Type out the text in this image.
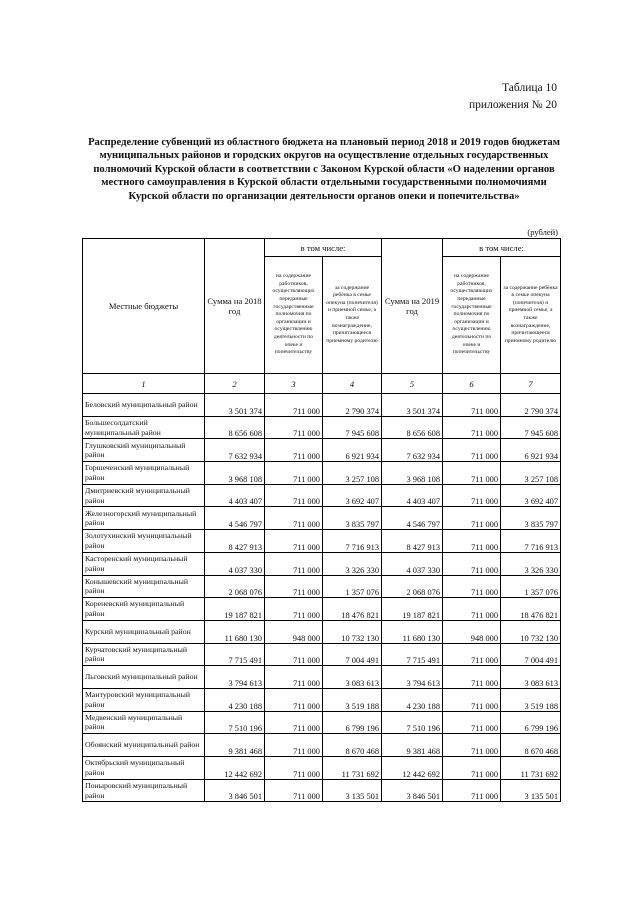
Таблица 10
приложения № 20
Распределение субвенций из областного бюджета на плановый период 2018 и 2019 годов бюджетам муниципальных районов и городских округов на осуществление отдельных государственных полномочий Курской области в соответствии с Законом Курской области «О наделении органов местного самоуправления в Курской области отдельными государственными полномочиями Курской области по организации деятельности органов опеки и попечительства»
(рублей)
Местные бюджеты	Сумма на 2018 год	в том числе:		Сумма на 2019 год	в том числе:	
		на содержание работников, осуществляющих переданные государственные полномочия по организации и осуществлению деятельности по опеке и попечительству	за содержание ребёнка в семье опекуна (попечителя) и приемной семье, а также вознаграждение, причитающееся приемному родителю		на содержание работников, осуществляющих переданные государственные полномочия по организации и осуществлению деятельности по опеке и попечительству	за содержание ребёнка в семье опекуна (попечителя) и приемной семье, а также вознаграждение, причитающееся приемному родителю
1	2	3	4	5	6	7
Беловский муниципальный район	3 501 374	711 000	2 790 374	3 501 374	711 000	2 790 374
Большесолдатский муниципальный район	8 656 608	711 000	7 945 608	8 656 608	711 000	7 945 608
Глушковский муниципальный район	7 632 934	711 000	6 921 934	7 632 934	711 000	6 921 934
Горшеченский муниципальный район	3 968 108	711 000	3 257 108	3 968 108	711 000	3 257 108
Дмитриевский муниципальный район	4 403 407	711 000	3 692 407	4 403 407	711 000	3 692 407
Железногорский муниципальный район	4 546 797	711 000	3 835 797	4 546 797	711 000	3 835 797
Золотухинский муниципальный район	8 427 913	711 000	7 716 913	8 427 913	711 000	7 716 913
Касторенский муниципальный район	4 037 330	711 000	3 326 330	4 037 330	711 000	3 326 330
Конышевский муниципальный район	2 068 076	711 000	1 357 076	2 068 076	711 000	1 357 076
Кореневский муниципальный район	19 187 821	711 000	18 476 821	19 187 821	711 000	18 476 821
Курский муниципальный район	11 680 130	948 000	10 732 130	11 680 130	948 000	10 732 130
Курчатовский муниципальный район	7 715 491	711 000	7 004 491	7 715 491	711 000	7 004 491
Льговский муниципальный район	3 794 613	711 000	3 083 613	3 794 613	711 000	3 083 613
Мантуровский муниципальный район	4 230 188	711 000	3 519 188	4 230 188	711 000	3 519 188
Медвенский муниципальный район	7 510 196	711 000	6 799 196	7 510 196	711 000	6 799 196
Обоянский муниципальный район	9 381 468	711 000	8 670 468	9 381 468	711 000	8 670 468
Октябрьский муниципальный район	12 442 692	711 000	11 731 692	12 442 692	711 000	11 731 692
Поныровский муниципальный район	3 846 501	711 000	3 135 501	3 846 501	711 000	3 135 501
